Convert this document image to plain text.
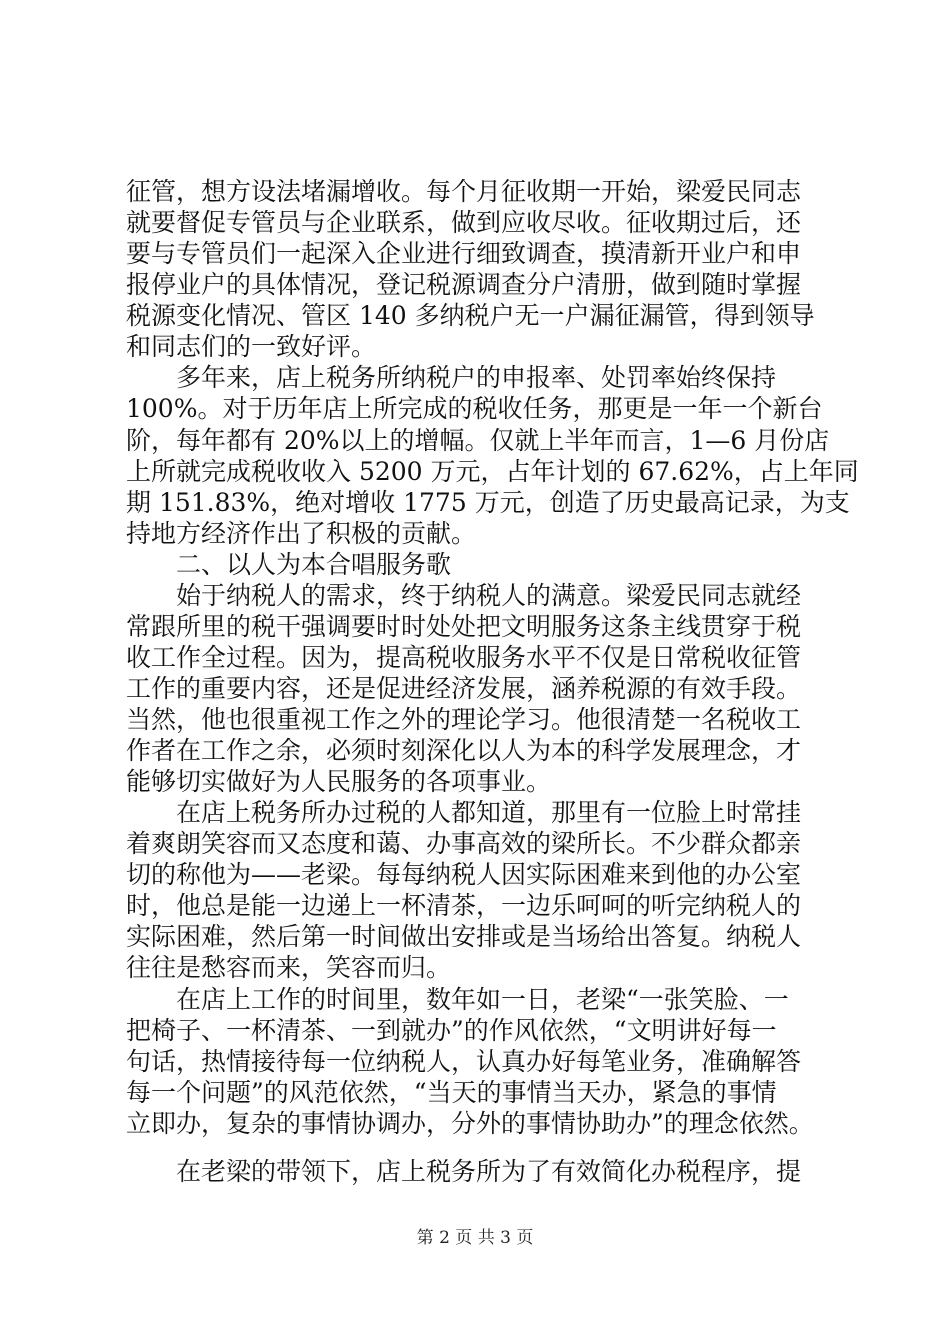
征管，想方设法堵漏增收。每个月征收期一开始，梁爱民同志
就要督促专管员与企业联系，做到应收尽收。征收期过后，还
要与专管员们一起深入企业进行细致调查，摸清新开业户和申
报停业户的具体情况，登记税源调查分户清册，做到随时掌握
税源变化情况、管区 140 多纳税户无一户漏征漏管，得到领导
和同志们的一致好评。
　　多年来，店上税务所纳税户的申报率、处罚率始终保持
100%。对于历年店上所完成的税收任务，那更是一年一个新台
阶，每年都有 20%以上的增幅。仅就上半年而言，1—6 月份店
上所就完成税收收入 5200 万元，占年计划的 67.62%，占上年同
期 151.83%，绝对增收 1775 万元，创造了历史最高记录，为支
持地方经济作出了积极的贡献。
　　二、以人为本合唱服务歌
　　始于纳税人的需求，终于纳税人的满意。梁爱民同志就经
常跟所里的税干强调要时时处处把文明服务这条主线贯穿于税
收工作全过程。因为，提高税收服务水平不仅是日常税收征管
工作的重要内容，还是促进经济发展，涵养税源的有效手段。
当然，他也很重视工作之外的理论学习。他很清楚一名税收工
作者在工作之余，必须时刻深化以人为本的科学发展理念，才
能够切实做好为人民服务的各项事业。
　　在店上税务所办过税的人都知道，那里有一位脸上时常挂
着爽朗笑容而又态度和蔼、办事高效的梁所长。不少群众都亲
切的称他为——老梁。每每纳税人因实际困难来到他的办公室
时，他总是能一边递上一杯清茶，一边乐呵呵的听完纳税人的
实际困难，然后第一时间做出安排或是当场给出答复。纳税人
往往是愁容而来，笑容而归。
　　在店上工作的时间里，数年如一日，老梁“一张笑脸、一
把椅子、一杯清茶、一到就办”的作风依然，“文明讲好每一
句话，热情接待每一位纳税人，认真办好每笔业务，准确解答
每一个问题”的风范依然，“当天的事情当天办，紧急的事情
立即办，复杂的事情协调办，分外的事情协助办”的理念依然。
　　在老梁的带领下，店上税务所为了有效简化办税程序，提
第 2 页 共 3 页
